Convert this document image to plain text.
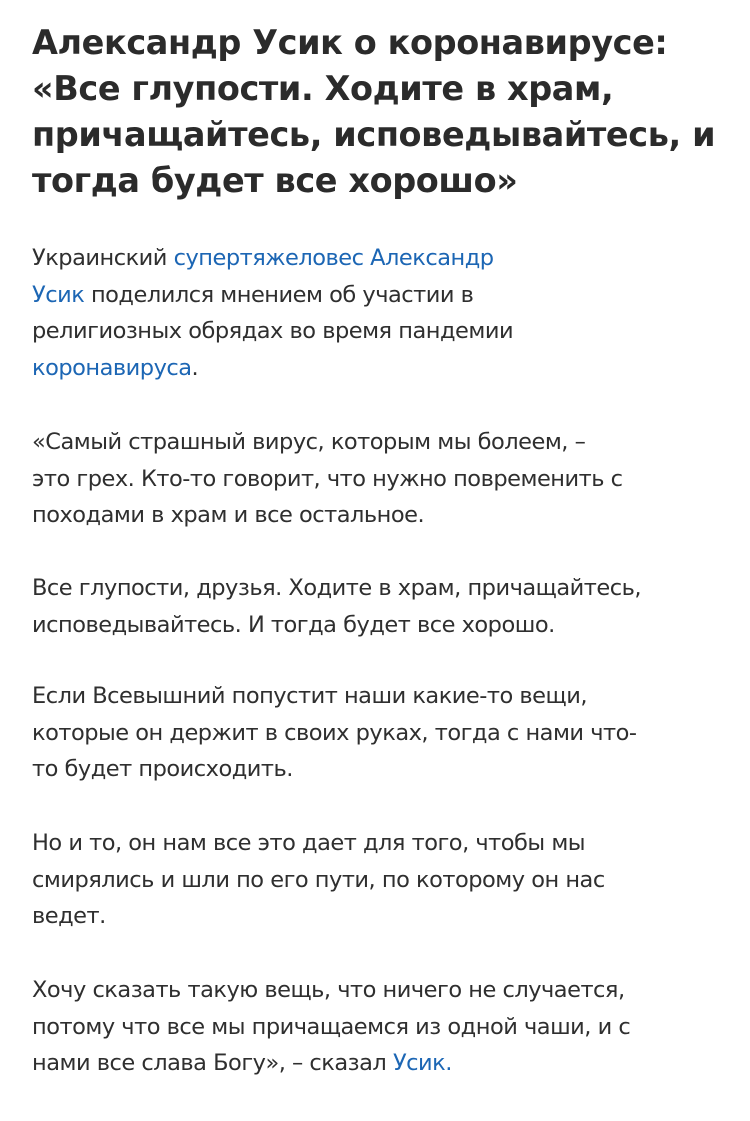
Александр Усик о коронавирусе:
«Все глупости. Ходите в храм,
причащайтесь, исповедывайтесь, и
тогда будет все хорошо»

Украинский супертяжеловес Александр
Усик поделился мнением об участии в
религиозных обрядах во время пандемии
коронавируса.

«Самый страшный вирус, которым мы болеем, –
это грех. Кто-то говорит, что нужно повременить с
походами в храм и все остальное.

Все глупости, друзья. Ходите в храм, причащайтесь,
исповедывайтесь. И тогда будет все хорошо.

Если Всевышний попустит наши какие-то вещи,
которые он держит в своих руках, тогда с нами что-
то будет происходить.

Но и то, он нам все это дает для того, чтобы мы
смирялись и шли по его пути, по которому он нас
ведет.

Хочу сказать такую вещь, что ничего не случается,
потому что все мы причащаемся из одной чаши, и с
нами все слава Богу», – сказал Усик.
